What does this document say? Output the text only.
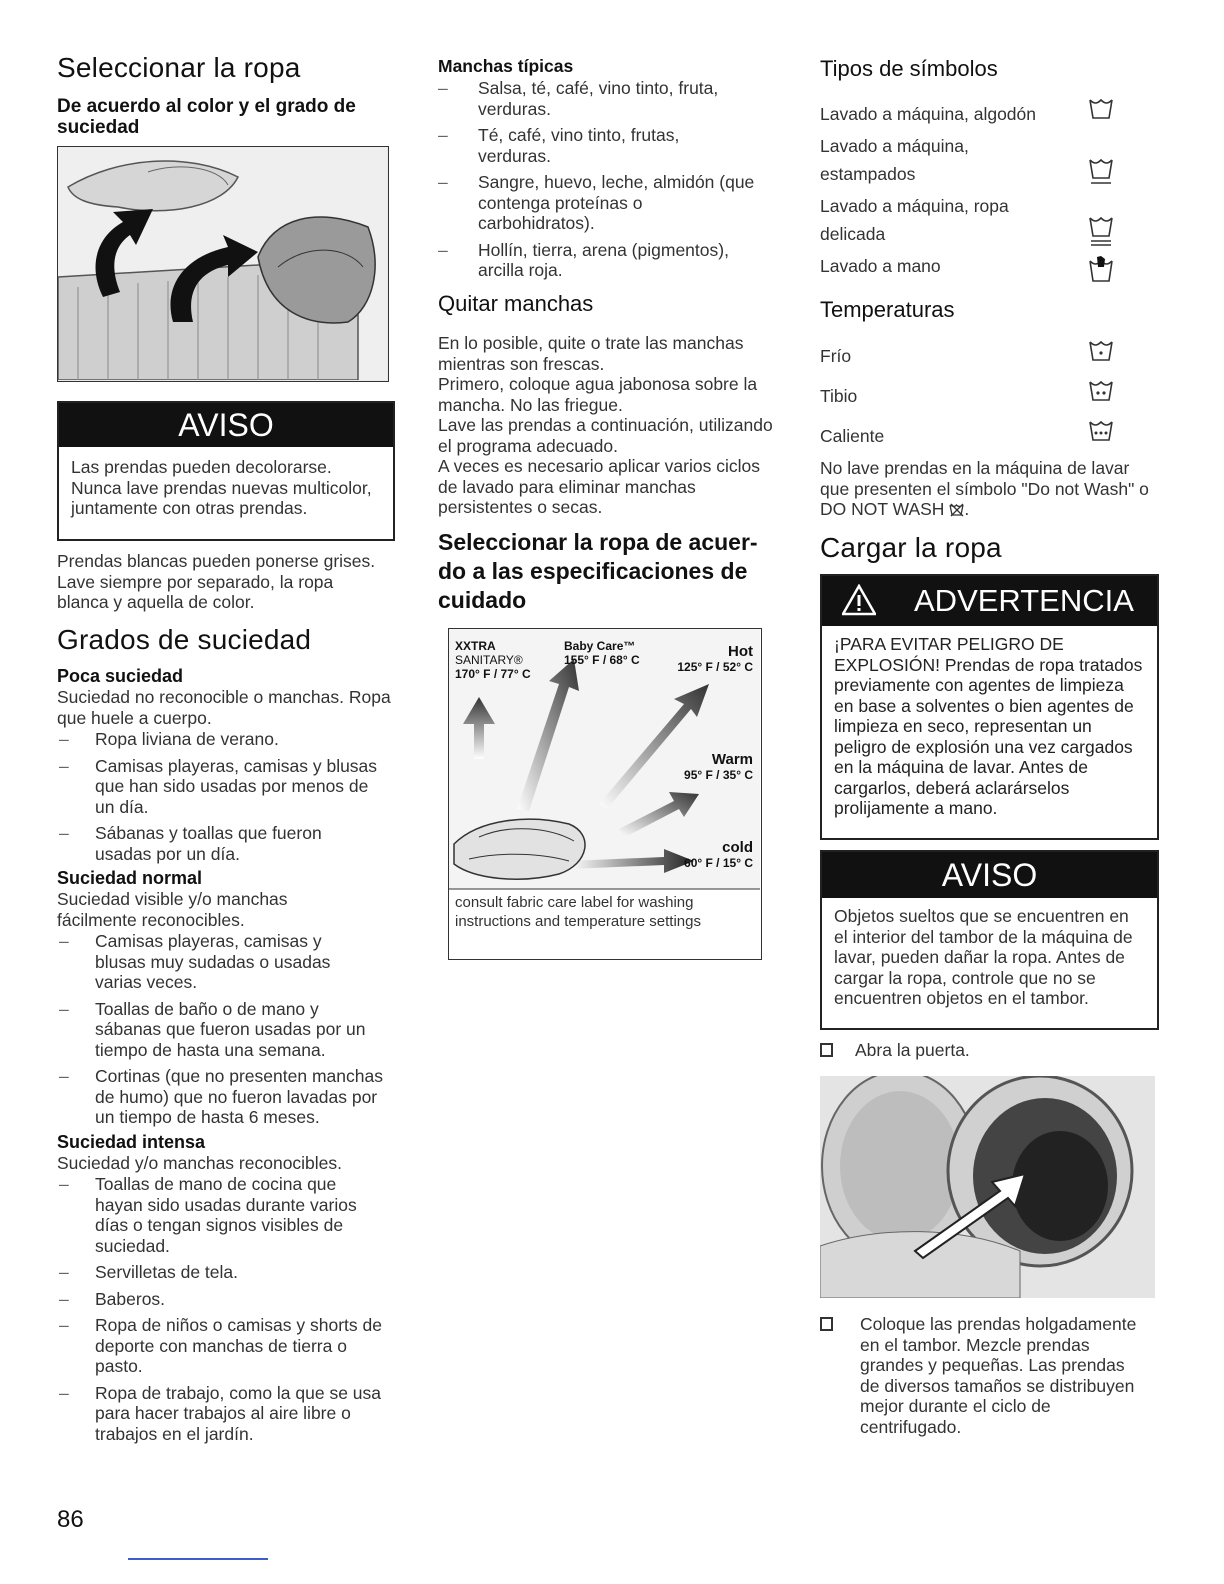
Seleccionar la ropa
De acuerdo al color y el grado de suciedad
AVISO
Las prendas pueden decolorarse. Nunca lave prendas nuevas multicolor, juntamente con otras prendas.
Prendas blancas pueden ponerse grises. Lave siempre por separado, la ropa blanca y aquella de color.
Grados de suciedad
Poca suciedad
Suciedad no reconocible o manchas. Ropa que huele a cuerpo.
– Ropa liviana de verano.
– Camisas playeras, camisas y blusas que han sido usadas por menos de un día.
– Sábanas y toallas que fueron usadas por un día.
Suciedad normal
Suciedad visible y/o manchas fácilmente reconocibles.
– Camisas playeras, camisas y blusas muy sudadas o usadas varias veces.
– Toallas de baño o de mano y sábanas que fueron usadas por un tiempo de hasta una semana.
– Cortinas (que no presenten manchas de humo) que no fueron lavadas por un tiempo de hasta 6 meses.
Suciedad intensa
Suciedad y/o manchas reconocibles.
– Toallas de mano de cocina que hayan sido usadas durante varios días o tengan signos visibles de suciedad.
– Servilletas de tela.
– Baberos.
– Ropa de niños o camisas y shorts de deporte con manchas de tierra o pasto.
– Ropa de trabajo, como la que se usa para hacer trabajos al aire libre o trabajos en el jardín.
86
Manchas típicas
– Salsa, té, café, vino tinto, fruta, verduras.
– Té, café, vino tinto, frutas, verduras.
– Sangre, huevo, leche, almidón (que contenga proteínas o carbohidratos).
– Hollín, tierra, arena (pigmentos), arcilla roja.
Quitar manchas
En lo posible, quite o trate las manchas mientras son frescas.
Primero, coloque agua jabonosa sobre la mancha. No las friegue.
Lave las prendas a continuación, utilizando el programa adecuado.
A veces es necesario aplicar varios ciclos de lavado para eliminar manchas persistentes o secas.
Seleccionar la ropa de acuer-do a las especificaciones de cuidado
XXTRA
SANITARY®
170° F / 77° C
Baby Care™
155° F / 68° C	Hot
125° F / 52° C
Warm
95° F / 35° C
cold
60° F / 15° C
consult fabric care label for washing instructions and temperature settings
Tipos de símbolos
Lavado a máquina, algodón
Lavado a máquina, estampados
Lavado a máquina, ropa delicada
Lavado a mano
Temperaturas
Frío
Tibio
Caliente
No lave prendas en la máquina de lavar que presenten el símbolo "Do not Wash" o DO NOT WASH .
Cargar la ropa
ADVERTENCIA
¡PARA EVITAR PELIGRO DE EXPLOSIÓN! Prendas de ropa tratados previamente con agentes de limpieza en base a solventes o bien agentes de limpieza en seco, representan un peligro de explosión una vez cargados en la máquina de lavar. Antes de cargarlos, deberá aclarárselos prolijamente a mano.
AVISO
Objetos sueltos que se encuentren en el interior del tambor de la máquina de lavar, pueden dañar la ropa. Antes de cargar la ropa, controle que no se encuentren objetos en el tambor.
Abra la puerta.
Coloque las prendas holgadamente en el tambor. Mezcle prendas grandes y pequeñas. Las prendas de diversos tamaños se distribuyen mejor durante el ciclo de centrifugado.
